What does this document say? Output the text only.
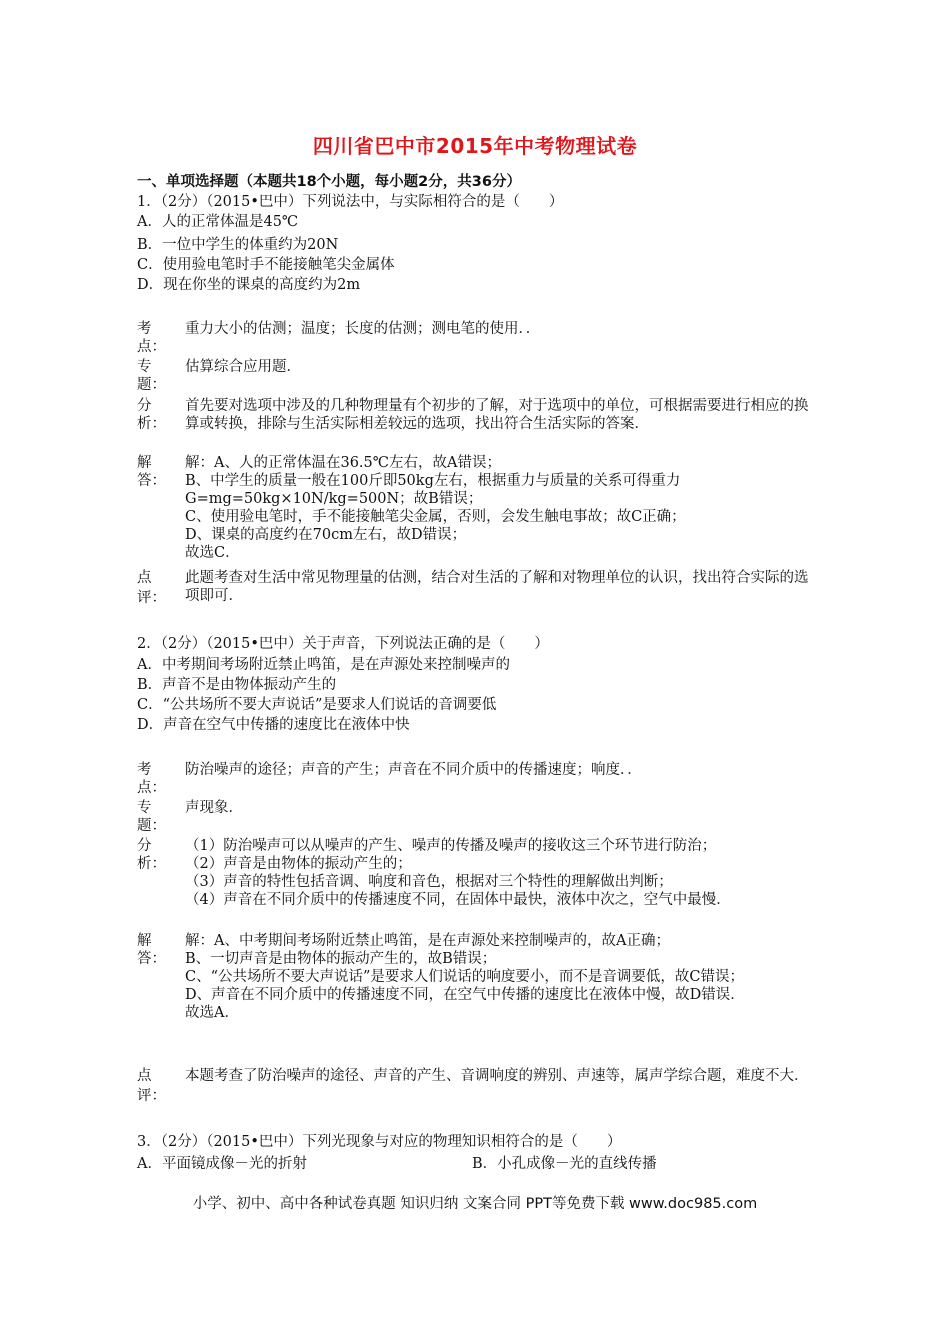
四川省巴中市2015年中考物理试卷
一、单项选择题（本题共18个小题，每小题2分，共36分）
1．（2分）（2015•巴中）下列说法中，与实际相符合的是（　　）
A．人的正常体温是45℃
B．一位中学生的体重约为20N
C．使用验电笔时手不能接触笔尖金属体
D．现在你坐的课桌的高度约为2m
考
点：
重力大小的估测；温度；长度的估测；测电笔的使用．．
专
题：
估算综合应用题．
分
析：
首先要对选项中涉及的几种物理量有个初步的了解，对于选项中的单位，可根据需要进行相应的换算或转换，排除与生活实际相差较远的选项，找出符合生活实际的答案．
解
答：

解：A、人的正常体温在36.5℃左右，故A错误；

B、中学生的质量一般在100斤即50kg左右，根据重力与质量的关系可得重力G=mg=50kg×10N/kg=500N；故B错误；

C、使用验电笔时，手不能接触笔尖金属，否则，会发生触电事故；故C正确；

D、课桌的高度约在70cm左右，故D错误；

故选C．

点
评：
此题考查对生活中常见物理量的估测，结合对生活的了解和对物理单位的认识，找出符合实际的选项即可．
2．（2分）（2015•巴中）关于声音，下列说法正确的是（　　）
A．中考期间考场附近禁止鸣笛，是在声源处来控制噪声的
B．声音不是由物体振动产生的
C．“公共场所不要大声说话”是要求人们说话的音调要低
D．声音在空气中传播的速度比在液体中快
考
点：
防治噪声的途径；声音的产生；声音在不同介质中的传播速度；响度．．
专
题：
声现象．
分
析：

（1）防治噪声可以从噪声的产生、噪声的传播及噪声的接收这三个环节进行防治；

（2）声音是由物体的振动产生的；

（3）声音的特性包括音调、响度和音色，根据对三个特性的理解做出判断；

（4）声音在不同介质中的传播速度不同，在固体中最快，液体中次之，空气中最慢．

解
答：

解：A、中考期间考场附近禁止鸣笛，是在声源处来控制噪声的，故A正确；

B、一切声音是由物体的振动产生的，故B错误；

C、“公共场所不要大声说话”是要求人们说话的响度要小，而不是音调要低，故C错误；

D、声音在不同介质中的传播速度不同，在空气中传播的速度比在液体中慢，故D错误．

故选A．

点
评：
本题考查了防治噪声的途径、声音的产生、音调响度的辨别、声速等，属声学综合题，难度不大．
3．（2分）（2015•巴中）下列光现象与对应的物理知识相符合的是（　　）
A．平面镜成像－光的折射	B．小孔成像－光的直线传播
小学、初中、高中各种试卷真题 知识归纳 文案合同 PPT等免费下载 www.doc985.com
